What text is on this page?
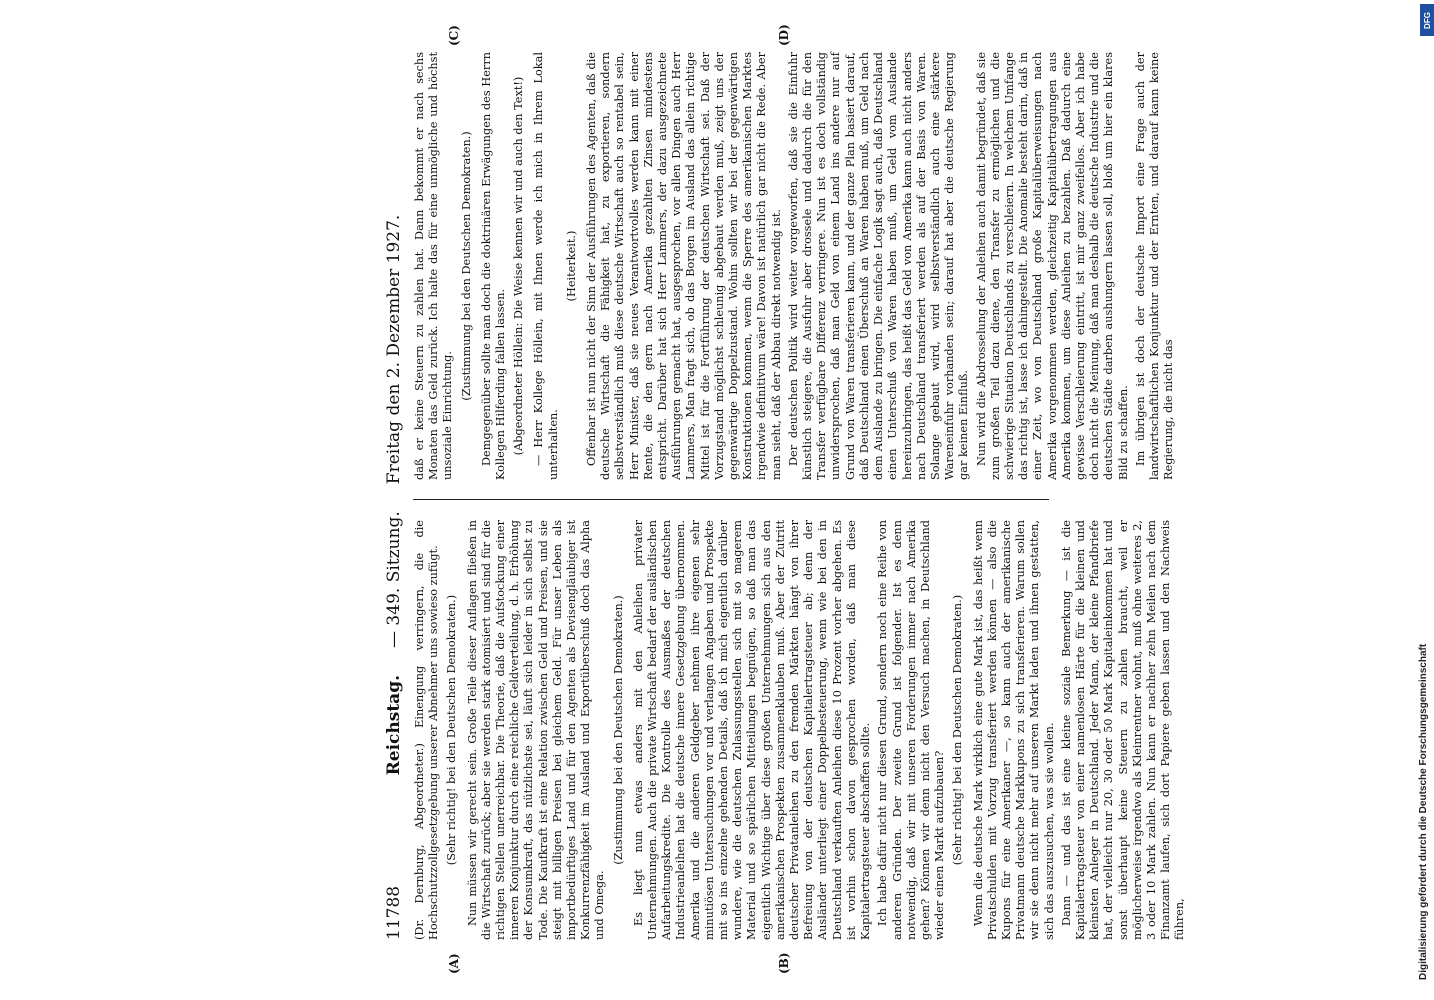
11788
Reichstag.     — 349. Sitzung.     Freitag den 2. Dezember 1927.
(A)	(B)
(C)	(D)

(Dr. Dernburg, Abgeordneter.) Einengung verringern, die die Hochschutzzollgesetzgebung unserer Abnehmer uns sowieso zufügt. (Sehr richtig! bei den Deutschen Demokraten.) Nun müssen wir gerecht sein. Große Teile dieser Auflagen fließen in die Wirtschaft zurück; aber sie werden stark atomisiert und sind für die richtigen Stellen unerreichbar. Die Theorie, daß die Aufstockung einer inneren Konjunktur durch eine reichliche Geldverteilung, d. h. Erhöhung der Konsumkraft, das nützlichste sei, läuft sich leider in sich selbst zu Tode. Die Kaufkraft ist eine Relation zwischen Geld und Preisen, und sie steigt mit billigen Preisen bei gleichem Geld. Für unser Leben als importbedürftiges Land und für den Agenten als Devisengläubiger ist Konkurrenzfähigkeit im Ausland und Exportüberschuß doch das Alpha und Omega.

(Zustimmung bei den Deutschen Demokraten.) Es liegt nun etwas anders mit den Anleihen privater Unternehmungen. Auch die private Wirtschaft bedarf der ausländischen Aufarbeitungskredite. Die Kontrolle des Ausmaßes der deutschen Industrieanleihen hat die deutsche innere Gesetzgebung übernommen. Amerika und die anderen Geldgeber nehmen ihre eigenen sehr minutiösen Untersuchungen vor und verlangen Angaben und Prospekte mit so ins einzelne gehenden Details, daß ich mich eigentlich darüber wundere, wie die deutschen Zulassungsstellen sich mit so magerem Material und so spärlichen Mitteilungen begnügen, so daß man das eigentlich Wichtige über diese großen Unternehmungen sich aus den amerikanischen Prospekten zusammenklauben muß. Aber der Zutritt deutscher Privatanleihen zu den fremden Märkten hängt von ihrer Befreiung von der deutschen Kapitalertragsteuer ab; denn der Ausländer unterliegt einer Doppelbesteuerung, wenn wie bei den in Deutschland verkauften Anleihen diese 10 Prozent vorher abgehen. Es ist vorhin schon davon gesprochen worden, daß man diese Kapitalertragsteuer abschaffen sollte. Ich habe dafür nicht nur diesen Grund, sondern noch eine Reihe von anderen Gründen. Der zweite Grund ist folgender. Ist es denn notwendig, daß wir mit unseren Forderungen immer nach Amerika gehen? Können wir denn nicht den Versuch machen, in Deutschland wieder einen Markt aufzubauen? (Sehr richtig! bei den Deutschen Demokraten.) Wenn die deutsche Mark wirklich eine gute Mark ist, das heißt wenn Privatschulden mit Vorzug transferiert werden können — also die Kupons für eine Amerikaner —, so kann auch der amerikanische Privatmann deutsche Markkupons zu sich transferieren. Warum sollen wir sie denn nicht mehr auf unseren Markt laden und ihnen gestatten, sich das auszusuchen, was sie wollen. Dann — und das ist eine kleine soziale Bemerkung — ist die Kapitalertragsteuer von einer namenlosen Härte für die kleinen und kleinsten Anleger in Deutschland. Jeder Mann, der kleine Pfandbriefe hat, der vielleicht nur 20, 30 oder 50 Mark Kapitaleinkommen hat und sonst überhaupt keine Steuern zu zahlen braucht, weil er möglicherweise irgendwo als Kleinrentner wohnt, muß ohne weiteres 2, 3 oder 10 Mark zahlen. Nun kann er nachher zehn Meilen nach dem Finanzamt laufen, sich dort Papiere geben lassen und den Nachweis führen,

daß er keine Steuern zu zahlen hat. Dann bekommt er nach sechs Monaten das Geld zurück. Ich halte das für eine unmögliche und höchst unsoziale Einrichtung.

(Zustimmung bei den Deutschen Demokraten.) Demgegenüber sollte man doch die doktrinären Erwägungen des Herrn Kollegen Hilferding fallen lassen. (Abgeordneter Höllein: Die Weise kennen wir und auch den Text!) — Herr Kollege Höllein, mit Ihnen werde ich mich in Ihrem Lokal unterhalten.

(Heiterkeit.) Offenbar ist nun nicht der Sinn der Ausführungen des Agenten, daß die deutsche Wirtschaft die Fähigkeit hat, zu exportieren, sondern selbstverständlich muß diese deutsche Wirtschaft auch so rentabel sein, Herr Minister, daß sie neues Verantwortvolles werden kann mit einer Rente, die den gern nach Amerika gezahlten Zinsen mindestens entspricht. Darüber hat sich Herr Lammers, der dazu ausgezeichnete Ausführungen gemacht hat, ausgesprochen, vor allen Dingen auch Herr Lammers, Man fragt sich, ob das Borgen im Ausland das allein richtige Mittel ist für die Fortführung der deutschen Wirtschaft sei. Daß der Vorzugstand möglichst schleunig abgebaut werden muß, zeigt uns der gegenwärtige Doppelzustand. Wohin sollten wir bei der gegenwärtigen Konstruktionen kommen, wenn die Sperre des amerikanischen Marktes irgendwie definitivum wäre! Davon ist natürlich gar nicht die Rede. Aber man sieht, daß der Abbau direkt notwendig ist. Der deutschen Politik wird weiter vorgeworfen, daß sie die Einfuhr künstlich steigere, die Ausfuhr aber drossele und dadurch die für den Transfer verfügbare Differenz verringere. Nun ist es doch vollständig unwidersprochen, daß man Geld von einem Land ins andere nur auf Grund von Waren transferieren kann, und der ganze Plan basiert darauf, daß Deutschland einen Überschuß an Waren haben muß, um Geld nach dem Auslande zu bringen. Die einfache Logik sagt auch, daß Deutschland einen Unterschuß von Waren haben muß, um Geld vom Auslande hereinzubringen, das heißt das Geld von Amerika kann auch nicht anders nach Deutschland transferiert werden als auf der Basis von Waren. Solange gebaut wird, wird selbstverständlich auch eine stärkere Wareneinfuhr vorhanden sein; darauf hat aber die deutsche Regierung gar keinen Einfluß. Nun wird die Abdrosselung der Anleihen auch damit begründet, daß sie zum großen Teil dazu diene, den Transfer zu ermöglichen und die schwierige Situation Deutschlands zu verschleiern. In welchem Umfange das richtig ist, lasse ich dahingestellt. Die Anomalie besteht darin, daß in einer Zeit, wo von Deutschland große Kapitalüberweisungen nach Amerika vorgenommen werden, gleichzeitig Kapitalübertragungen aus Amerika kommen, um diese Anleihen zu bezahlen. Daß dadurch eine gewisse Verschleierung eintritt, ist mir ganz zweifellos. Aber ich habe doch nicht die Meinung, daß man deshalb die deutsche Industrie und die deutschen Städte darben aushungern lassen soll, bloß um hier ein klares Bild zu schaffen. Im übrigen ist doch der deutsche Import eine Frage auch der landwirtschaftlichen Konjunktur und der Ernten, und darauf kann keine Regierung, die nicht das

DFG
Digitalisierung gefördert durch die Deutsche Forschungsgemeinschaft
